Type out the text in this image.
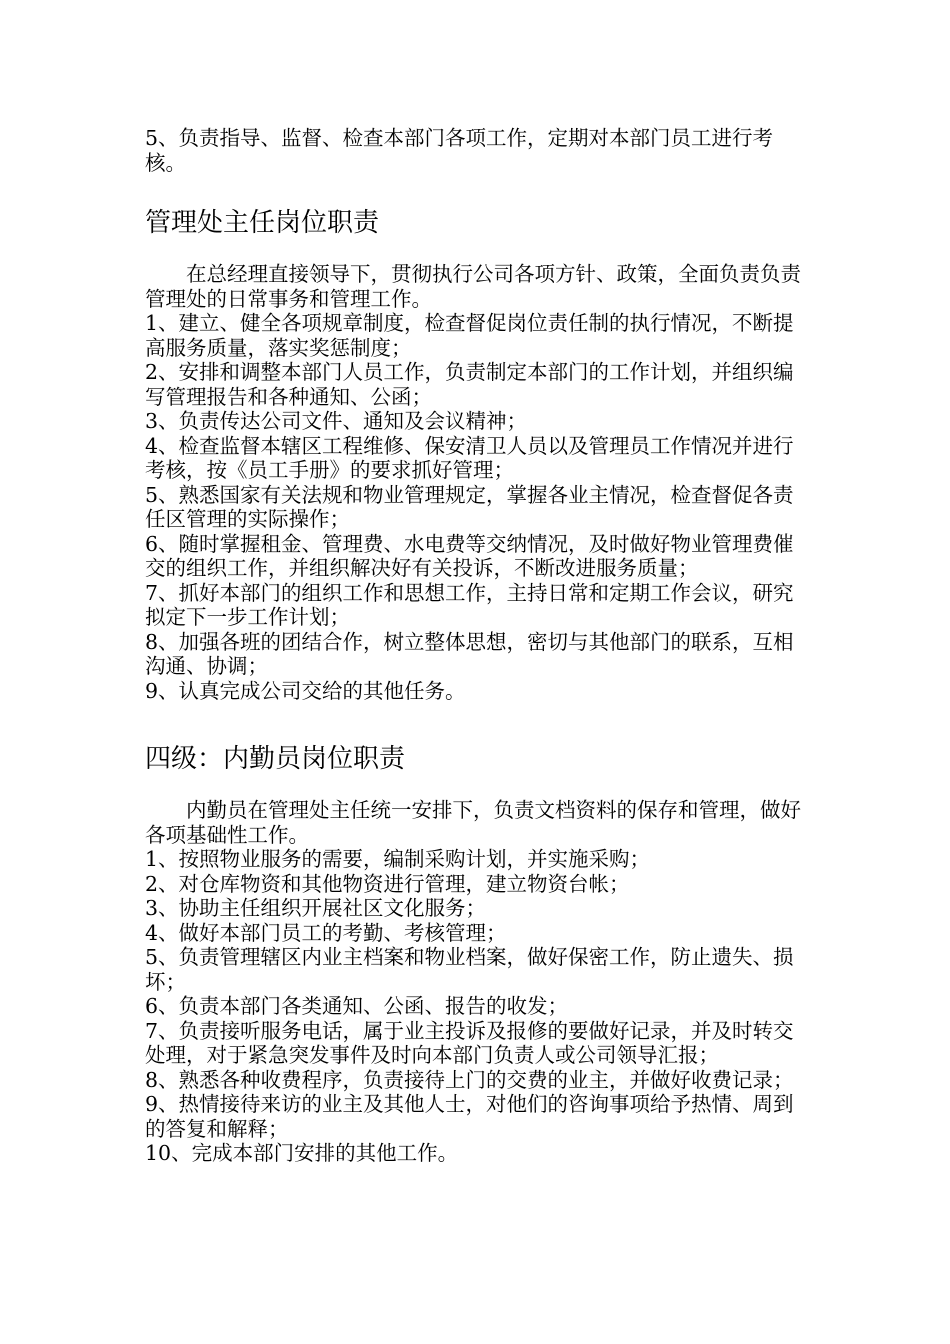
5、负责指导、监督、检查本部门各项工作，定期对本部门员工进行考核。

管理处主任岗位职责

在总经理直接领导下，贯彻执行公司各项方针、政策，全面负责负责管理处的日常事务和管理工作。

1、建立、健全各项规章制度，检查督促岗位责任制的执行情况，不断提高服务质量，落实奖惩制度；

2、安排和调整本部门人员工作，负责制定本部门的工作计划，并组织编写管理报告和各种通知、公函；

3、负责传达公司文件、通知及会议精神；

4、检查监督本辖区工程维修、保安清卫人员以及管理员工作情况并进行考核，按《员工手册》的要求抓好管理；

5、熟悉国家有关法规和物业管理规定，掌握各业主情况，检查督促各责任区管理的实际操作；

6、随时掌握租金、管理费、水电费等交纳情况，及时做好物业管理费催交的组织工作，并组织解决好有关投诉，不断改进服务质量；

7、抓好本部门的组织工作和思想工作，主持日常和定期工作会议，研究拟定下一步工作计划；

8、加强各班的团结合作，树立整体思想，密切与其他部门的联系，互相沟通、协调；

9、认真完成公司交给的其他任务。

四级：内勤员岗位职责

内勤员在管理处主任统一安排下，负责文档资料的保存和管理，做好各项基础性工作。

1、按照物业服务的需要，编制采购计划，并实施采购；

2、对仓库物资和其他物资进行管理，建立物资台帐；

3、协助主任组织开展社区文化服务；

4、做好本部门员工的考勤、考核管理；

5、负责管理辖区内业主档案和物业档案，做好保密工作，防止遗失、损坏；

6、负责本部门各类通知、公函、报告的收发；

7、负责接听服务电话，属于业主投诉及报修的要做好记录，并及时转交处理，对于紧急突发事件及时向本部门负责人或公司领导汇报；

8、熟悉各种收费程序，负责接待上门的交费的业主，并做好收费记录；

9、热情接待来访的业主及其他人士，对他们的咨询事项给予热情、周到的答复和解释；

10、完成本部门安排的其他工作。
